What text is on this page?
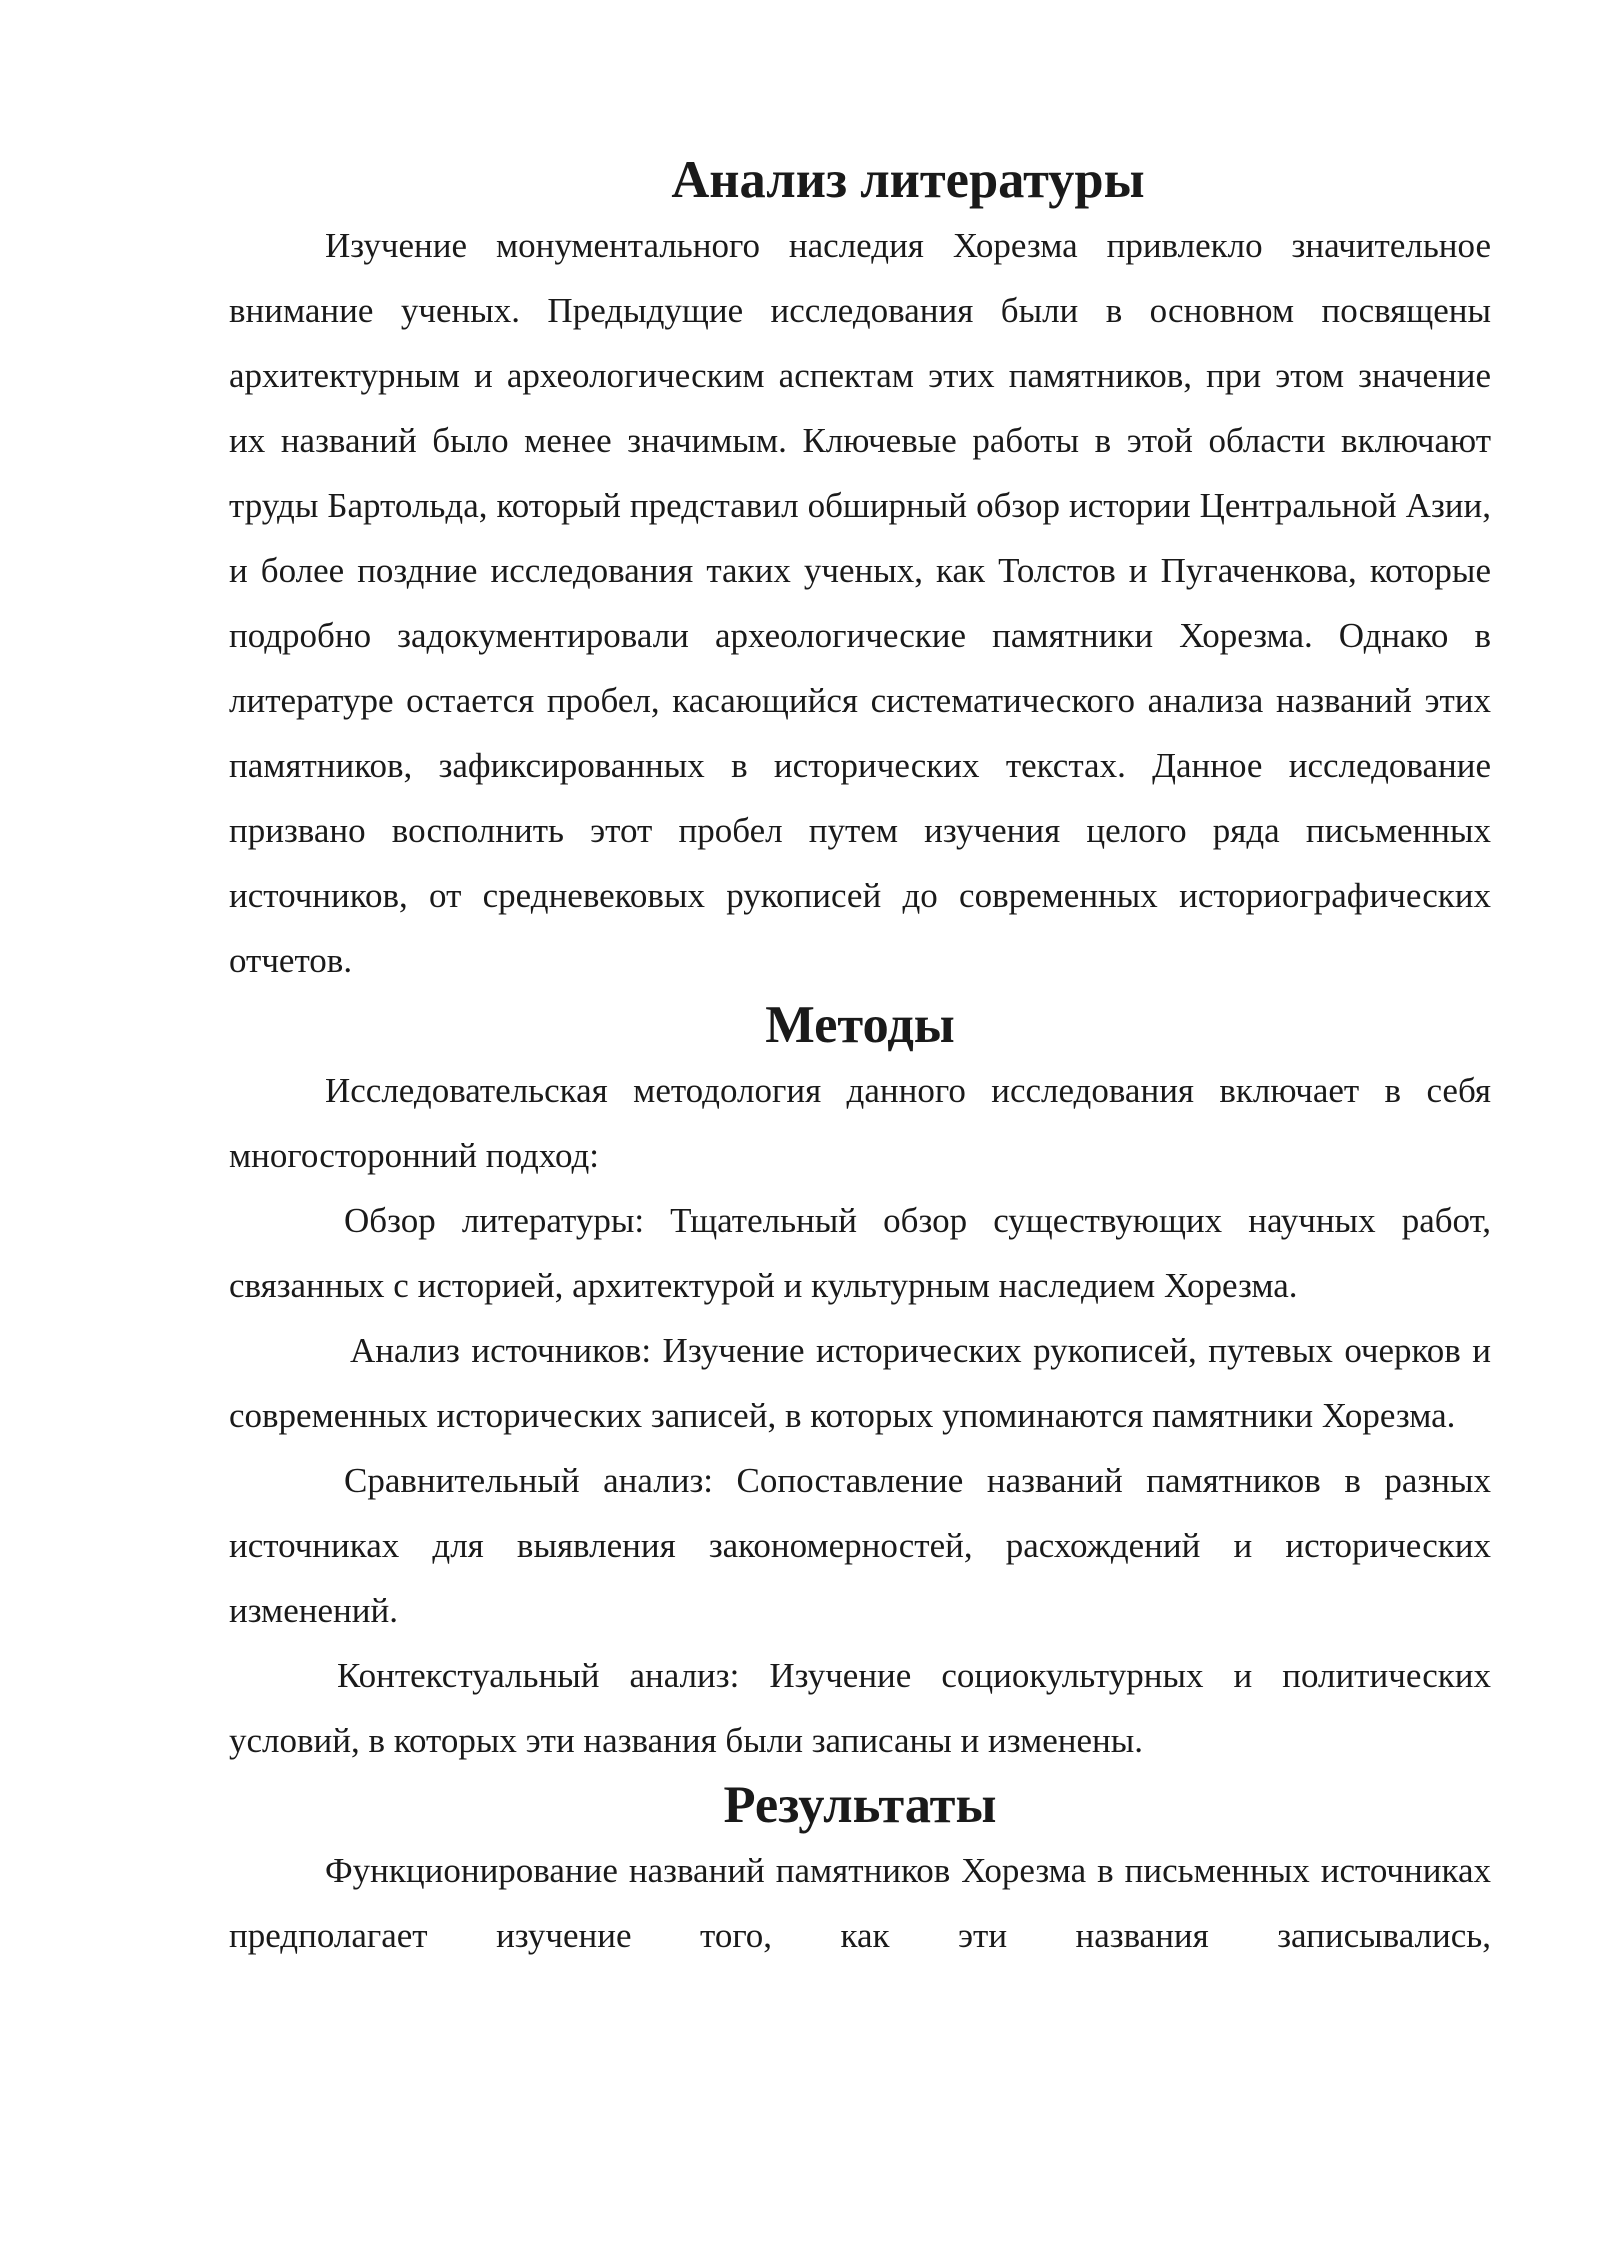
Анализ литературы

Изучение монументального наследия Хорезма привлекло значительное внимание ученых. Предыдущие исследования были в основном посвящены архитектурным и археологическим аспектам этих памятников, при этом значение их названий было менее значимым. Ключевые работы в этой области включают труды Бартольда, который представил обширный обзор истории Центральной Азии, и более поздние исследования таких ученых, как Толстов и Пугаченкова, которые подробно задокументировали археологические памятники Хорезма. Однако в литературе остается пробел, касающийся систематического анализа названий этих памятников, зафиксированных в исторических текстах. Данное исследование призвано восполнить этот пробел путем изучения целого ряда письменных источников, от средневековых рукописей до современных историографических отчетов.

Методы

Исследовательская методология данного исследования включает в себя многосторонний подход:

Обзор литературы: Тщательный обзор существующих научных работ, связанных с историей, архитектурой и культурным наследием Хорезма.

Анализ источников: Изучение исторических рукописей, путевых очерков и современных исторических записей, в которых упоминаются памятники Хорезма.

Сравнительный анализ: Сопоставление названий памятников в разных источниках для выявления закономерностей, расхождений и исторических изменений.

Контекстуальный анализ: Изучение социокультурных и политических условий, в которых эти названия были записаны и изменены.

Результаты

Функционирование названий памятников Хорезма в письменных источниках предполагает изучение того, как эти названия записывались,
